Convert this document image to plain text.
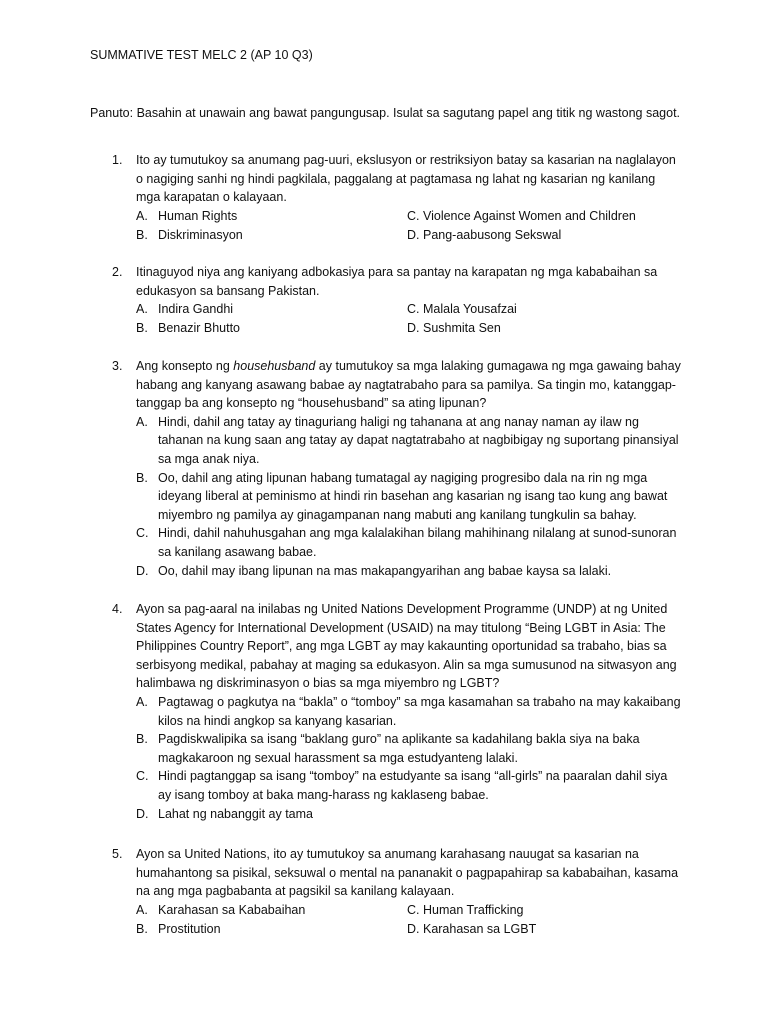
SUMMATIVE TEST MELC 2 (AP 10 Q3)
Panuto: Basahin at unawain ang bawat pangungusap. Isulat sa sagutang papel ang titik ng wastong sagot.
1. Ito ay tumutukoy sa anumang pag-uuri, ekslusyon or restriksiyon batay sa kasarian na naglalayon o nagiging sanhi ng hindi pagkilala, paggalang at pagtamasa ng lahat ng kasarian ng kanilang mga karapatan o kalayaan.
A. Human Rights	C. Violence Against Women and Children
B. Diskriminasyon	D. Pang-aabusong Sekswal
2. Itinaguyod niya ang kaniyang adbokasiya para sa pantay na karapatan ng mga kababaihan sa edukasyon sa bansang Pakistan.
A. Indira Gandhi	C. Malala Yousafzai
B. Benazir Bhutto	D. Sushmita Sen
3. Ang konsepto ng househusband ay tumutukoy sa mga lalaking gumagawa ng mga gawaing bahay habang ang kanyang asawang babae ay nagtatrabaho para sa pamilya. Sa tingin mo, katanggap-tanggap ba ang konsepto ng “househusband” sa ating lipunan?
A. Hindi, dahil ang tatay ay tinaguriang haligi ng tahanana at ang nanay naman ay ilaw ng tahanan na kung saan ang tatay ay dapat nagtatrabaho at nagbibigay ng suportang pinansiyal sa mga anak niya.
B. Oo, dahil ang ating lipunan habang tumatagal ay nagiging progresibo dala na rin ng mga ideyang liberal at peminismo at hindi rin basehan ang kasarian ng isang tao kung ang bawat miyembro ng pamilya ay ginagampanan nang mabuti ang kanilang tungkulin sa bahay.
C. Hindi, dahil nahuhusgahan ang mga kalalakihan bilang mahihinang nilalang at sunod-sunoran sa kanilang asawang babae.
D. Oo, dahil may ibang lipunan na mas makapangyarihan ang babae kaysa sa lalaki.
4. Ayon sa pag-aaral na inilabas ng United Nations Development Programme (UNDP) at ng United States Agency for International Development (USAID) na may titulong “Being LGBT in Asia: The Philippines Country Report”, ang mga LGBT ay may kakaunting oportunidad sa trabaho, bias sa serbisyong medikal, pabahay at maging sa edukasyon. Alin sa mga sumusunod na sitwasyon ang halimbawa ng diskriminasyon o bias sa mga miyembro ng LGBT?
A. Pagtawag o pagkutya na “bakla” o “tomboy” sa mga kasamahan sa trabaho na may kakaibang kilos na hindi angkop sa kanyang kasarian.
B. Pagdiskwalipika sa isang “baklang guro” na aplikante sa kadahilang bakla siya na baka magkakaroon ng sexual harassment sa mga estudyanteng lalaki.
C. Hindi pagtanggap sa isang “tomboy” na estudyante sa isang “all-girls” na paaralan dahil siya ay isang tomboy at baka mang-harass ng kaklaseng babae.
D. Lahat ng nabanggit ay tama
5. Ayon sa United Nations, ito ay tumutukoy sa anumang karahasang nauugat sa kasarian na humahantong sa pisikal, seksuwal o mental na pananakit o pagpapahirap sa kababaihan, kasama na ang mga pagbabanta at pagsikil sa kanilang kalayaan.
A. Karahasan sa Kababaihan	C. Human Trafficking
B. Prostitution	D. Karahasan sa LGBT
